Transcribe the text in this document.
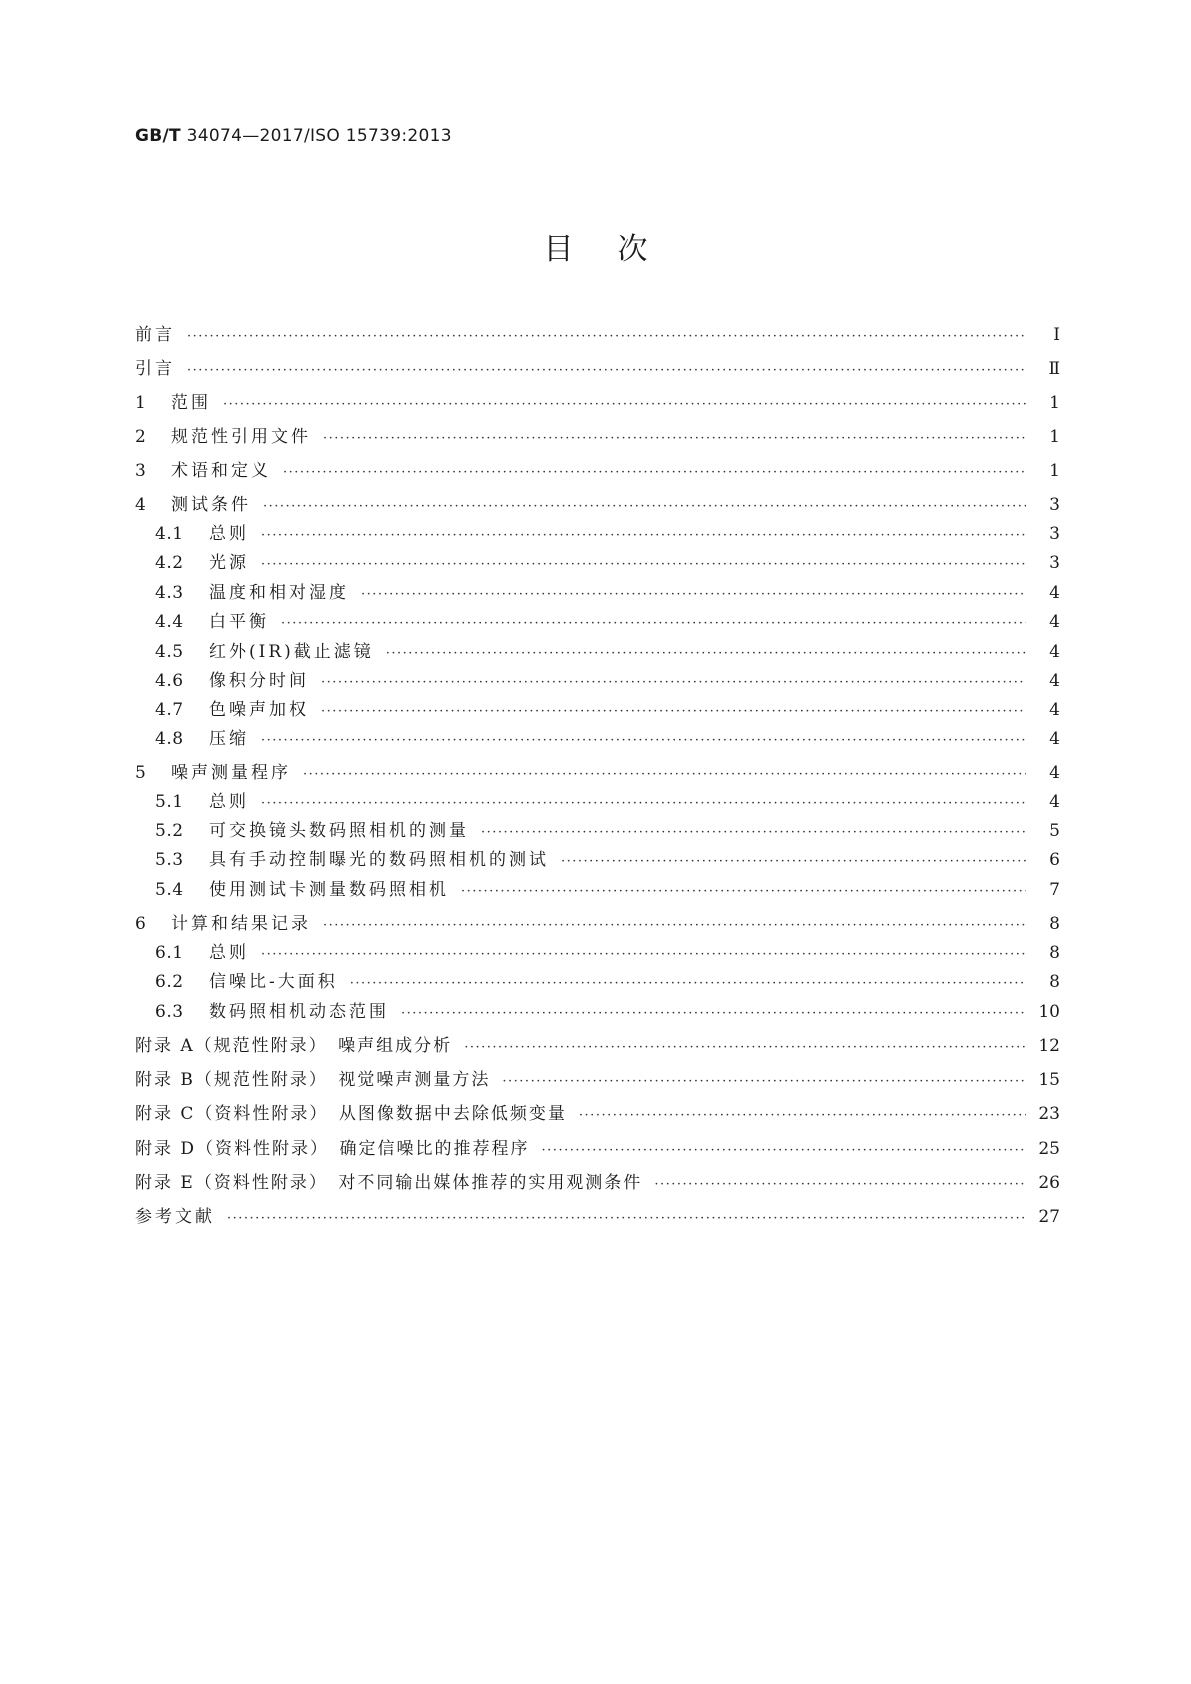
GB/T 34074—2017/ISO 15739:2013
目次
前言 ·····	Ⅰ
引言 ·····	Ⅱ
1	范围 ·····	1
2	规范性引用文件 ·····	1
3	术语和定义 ·····	1
4	测试条件 ·····	3
4.1	总则 ·····	3
4.2	光源 ·····	3
4.3	温度和相对湿度 ·····	4
4.4	白平衡 ·····	4
4.5	红外(IR)截止滤镜 ·····	4
4.6	像积分时间 ·····	4
4.7	色噪声加权 ·····	4
4.8	压缩 ·····	4
5	噪声测量程序 ·····	4
5.1	总则 ·····	4
5.2	可交换镜头数码照相机的测量 ·····	5
5.3	具有手动控制曝光的数码照相机的测试 ·····	6
5.4	使用测试卡测量数码照相机 ·····	7
6	计算和结果记录 ·····	8
6.1	总则 ·····	8
6.2	信噪比-大面积 ·····	8
6.3	数码照相机动态范围 ·····	10
附录 A（规范性附录）　噪声组成分析 ·····	12
附录 B（规范性附录）　视觉噪声测量方法 ·····	15
附录 C（资料性附录）　从图像数据中去除低频变量 ·····	23
附录 D（资料性附录）　确定信噪比的推荐程序 ·····	25
附录 E（资料性附录）　对不同输出媒体推荐的实用观测条件 ·····	26
参考文献 ·····	27
